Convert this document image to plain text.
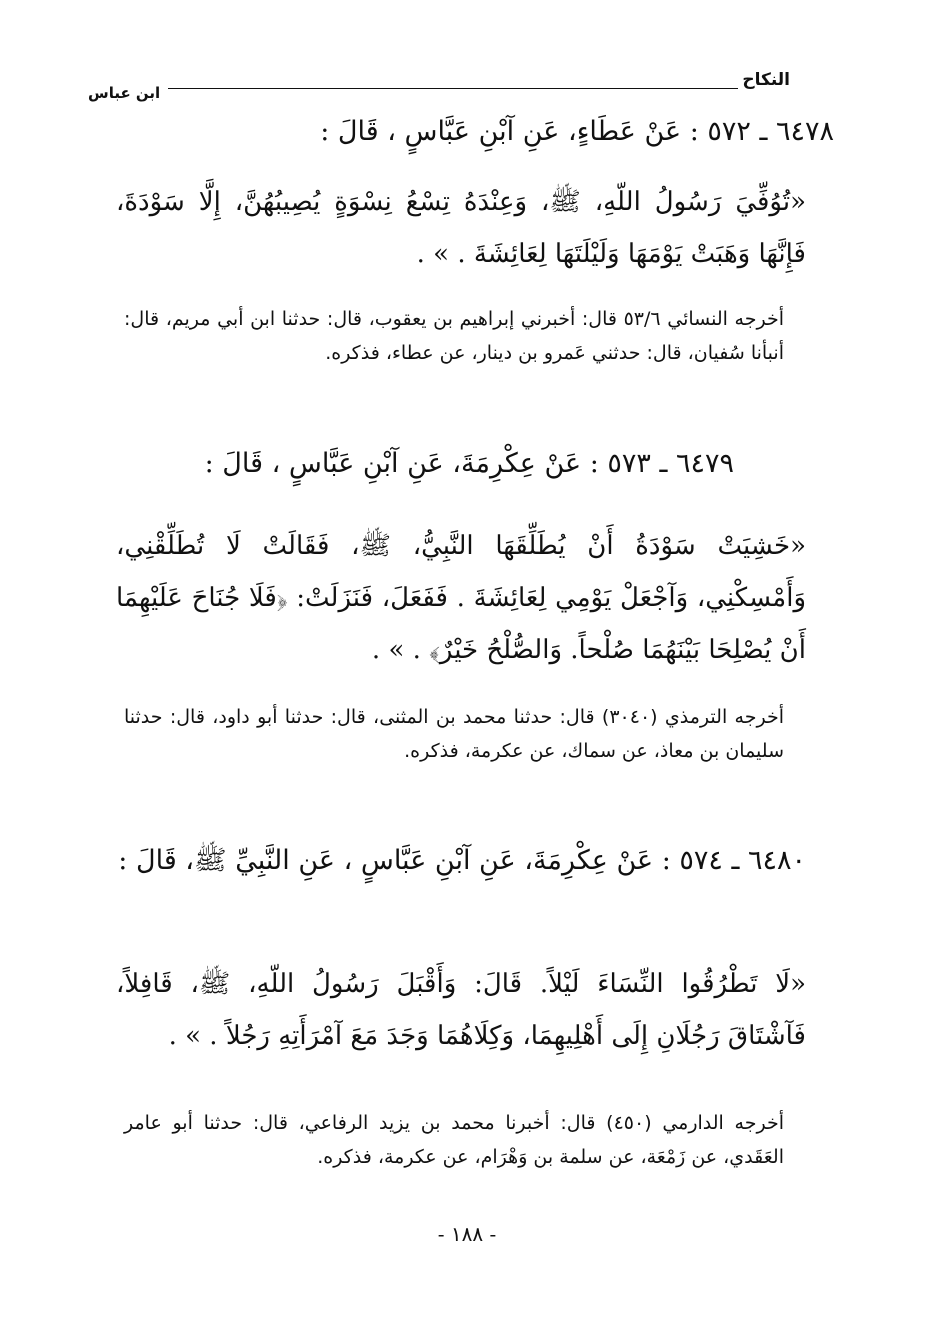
النكاح
ابن عباس
٦٤٧٨ ـ ٥٧٢ : عَنْ عَطَاءٍ، عَنِ آبْنِ عَبَّاسٍ ، قَالَ :
«تُوُفِّيَ رَسُولُ اللّهِ، ﷺ، وَعِنْدَهُ تِسْعُ نِسْوَةٍ يُصِيبُهُنَّ، إِلَّا سَوْدَةَ، فَإِنَّهَا وَهَبَتْ يَوْمَهَا وَلَيْلَتَهَا لِعَائِشَةَ . » .
أخرجه النسائي ٥٣/٦ قال: أخبرني إبراهيم بن يعقوب، قال: حدثنا ابن أبي مريم، قال: أنبأنا سُفيان، قال: حدثني عَمرو بن دينار، عن عطاء، فذكره.
٦٤٧٩ ـ ٥٧٣ : عَنْ عِكْرِمَةَ، عَنِ آبْنِ عَبَّاسٍ ، قَالَ :
«خَشِيَتْ سَوْدَةُ أَنْ يُطَلِّقَهَا النَّبِيُّ، ﷺ، فَقَالَتْ لَا تُطَلِّقْنِي، وَأَمْسِكْنِي، وَآجْعَلْ يَوْمِي لِعَائِشَةَ . فَفَعَلَ، فَنَزَلَتْ: ﴿فَلَا جُنَاحَ عَلَيْهِمَا أَنْ يُصْلِحَا بَيْنَهُمَا صُلْحاً. وَالصُّلْحُ خَيْرٌ﴾ . » .
أخرجه الترمذي (٣٠٤٠) قال: حدثنا محمد بن المثنى، قال: حدثنا أبو داود، قال: حدثنا سليمان بن معاذ، عن سماك، عن عكرمة، فذكره.
٦٤٨٠ ـ ٥٧٤ : عَنْ عِكْرِمَةَ، عَنِ آبْنِ عَبَّاسٍ ، عَنِ النَّبِيِّ ﷺ، قَالَ :
«لَا تَطْرُقُوا النِّسَاءَ لَيْلاً. قَالَ: وَأَقْبَلَ رَسُولُ اللّهِ، ﷺ، قَافِلاً، فَآشْتَاقَ رَجُلَانِ إِلَى أَهْلِيهِمَا، وَكِلَاهُمَا وَجَدَ مَعَ آمْرَأَتِهِ رَجُلاً . » .
أخرجه الدارمي (٤٥٠) قال: أخبرنا محمد بن يزيد الرفاعي، قال: حدثنا أبو عامر العَقَدي، عن زَمْعَة، عن سلمة بن وَهْرَام، عن عكرمة، فذكره.
- ١٨٨ -
